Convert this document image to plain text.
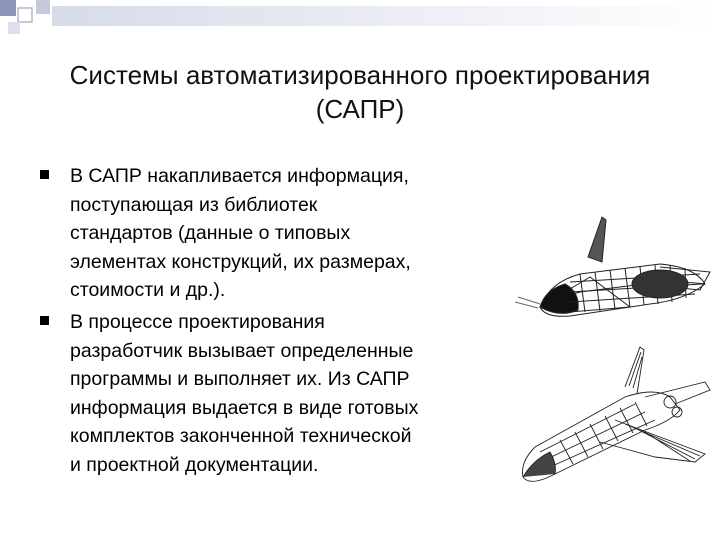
Системы автоматизированного проектирования
(САПР)
В САПР накапливается информация,
поступающая из библиотек
стандартов (данные о типовых
элементах конструкций, их размерах,
стоимости и др.).
В процессе проектирования
разработчик вызывает определенные
программы и выполняет их. Из САПР
информация выдается в виде готовых
комплектов законченной технической
и проектной документации.
